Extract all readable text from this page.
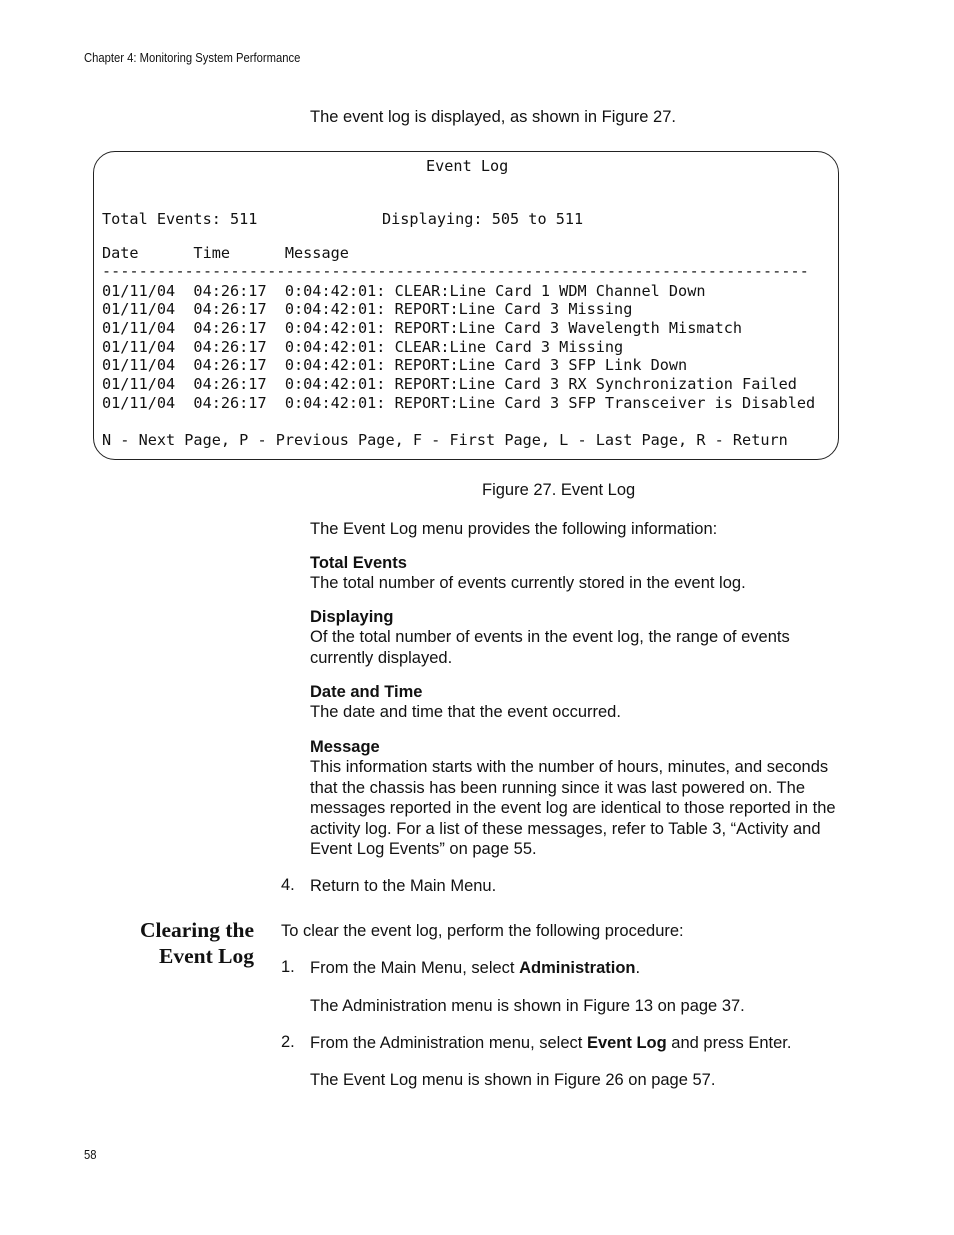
Chapter 4: Monitoring System Performance
The event log is displayed, as shown in Figure 27.
Event Log
Total Events: 511	Displaying: 505 to 511
Date      Time      Message
-----------------------------------------------------------------------------
01/11/04  04:26:17  0:04:42:01: CLEAR:Line Card 1 WDM Channel Down
01/11/04  04:26:17  0:04:42:01: REPORT:Line Card 3 Missing
01/11/04  04:26:17  0:04:42:01: REPORT:Line Card 3 Wavelength Mismatch
01/11/04  04:26:17  0:04:42:01: CLEAR:Line Card 3 Missing
01/11/04  04:26:17  0:04:42:01: REPORT:Line Card 3 SFP Link Down
01/11/04  04:26:17  0:04:42:01: REPORT:Line Card 3 RX Synchronization Failed
01/11/04  04:26:17  0:04:42:01: REPORT:Line Card 3 SFP Transceiver is Disabled
N - Next Page, P - Previous Page, F - First Page, L - Last Page, R - Return
Figure 27. Event Log
The Event Log menu provides the following information:
Total Events
The total number of events currently stored in the event log.
Displaying
Of the total number of events in the event log, the range of events currently displayed.
Date and Time
The date and time that the event occurred.
Message
This information starts with the number of hours, minutes, and seconds that the chassis has been running since it was last powered on. The messages reported in the event log are identical to those reported in the activity log. For a list of these messages, refer to Table 3, “Activity and Event Log Events” on page 55.
4. Return to the Main Menu.
Clearing the
Event Log
To clear the event log, perform the following procedure:
1. From the Main Menu, select Administration.
The Administration menu is shown in Figure 13 on page 37.
2. From the Administration menu, select Event Log and press Enter.
The Event Log menu is shown in Figure 26 on page 57.
58
